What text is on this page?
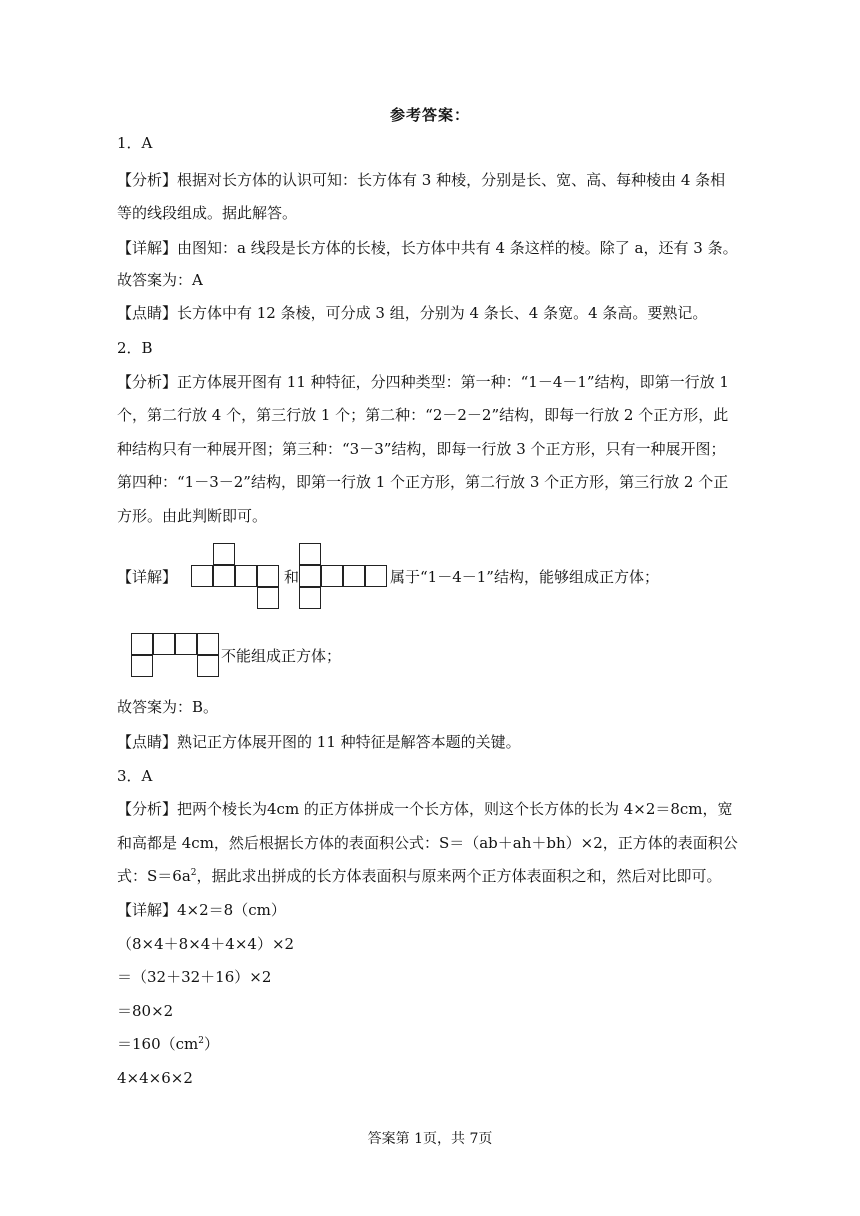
参考答案：
1．A
【分析】根据对长方体的认识可知：长方体有 3 种棱，分别是长、宽、高、每种棱由 4 条相
等的线段组成。据此解答。
【详解】由图知：a 线段是长方体的长棱，长方体中共有 4 条这样的棱。除了 a，还有 3 条。
故答案为：A
【点睛】长方体中有 12 条棱，可分成 3 组，分别为 4 条长、4 条宽。4 条高。要熟记。
2．B
【分析】正方体展开图有 11 种特征，分四种类型：第一种：“1－4－1”结构，即第一行放 1
个，第二行放 4 个，第三行放 1 个；第二种：“2－2－2”结构，即每一行放 2 个正方形，此
种结构只有一种展开图；第三种：“3－3”结构，即每一行放 3 个正方形，只有一种展开图；
第四种：“1－3－2”结构，即第一行放 1 个正方形，第二行放 3 个正方形，第三行放 2 个正
方形。由此判断即可。
【详解】	和	属于“1－4－1”结构，能够组成正方体；
不能组成正方体；
故答案为：B。
【点睛】熟记正方体展开图的 11 种特征是解答本题的关键。
3．A
【分析】把两个棱长为4cm 的正方体拼成一个长方体，则这个长方体的长为 4×2＝8cm，宽
和高都是 4cm，然后根据长方体的表面积公式：S＝（ab＋ah＋bh）×2，正方体的表面积公
式：$S=6a^2$，据此求出拼成的长方体表面积与原来两个正方体表面积之和，然后对比即可。
【详解】4×2＝8（cm）
（8×4＋8×4＋4×4）×2
＝（32＋32＋16）×2
＝80×2
$=160(cm^2)$
4×4×6×2
答案第 1页，共 7页
